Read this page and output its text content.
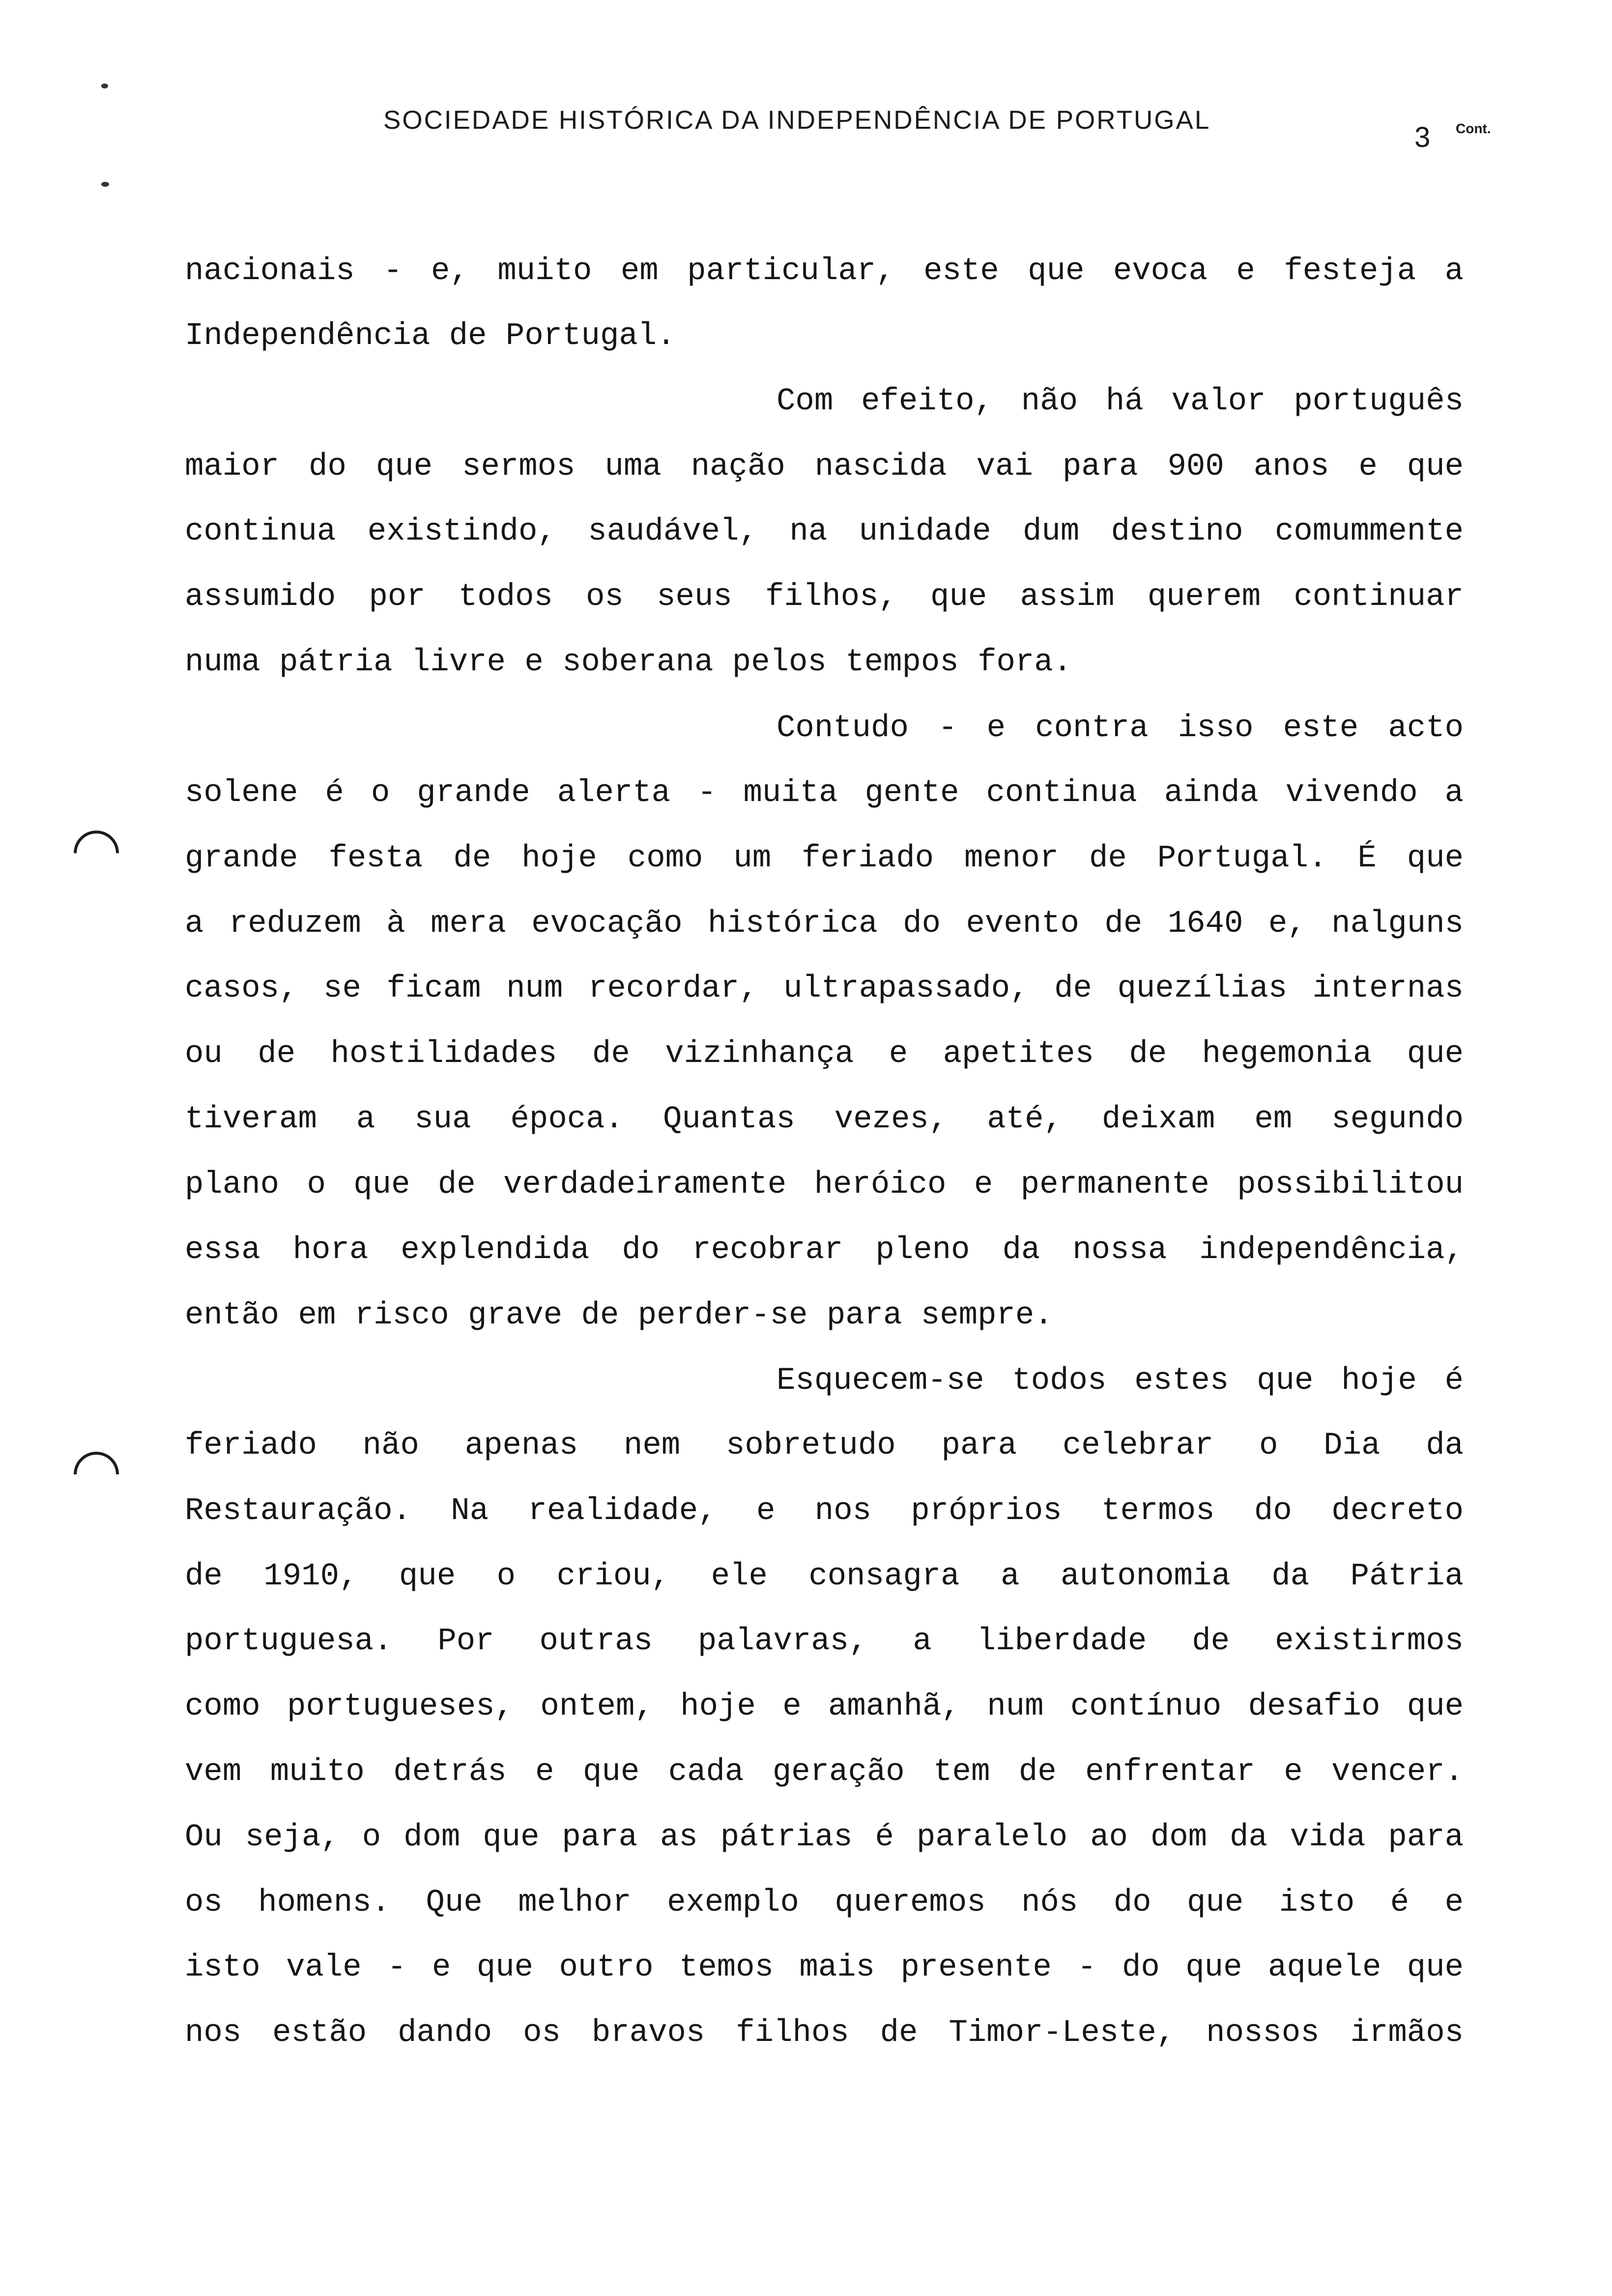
SOCIEDADE HISTÓRICA DA INDEPENDÊNCIA DE PORTUGAL
3 Cont.
nacionais - e, muito em particular, este que evoca e festeja a
Independência de Portugal.
Com efeito, não há valor português
maior do que sermos uma nação nascida vai para 900 anos e que
continua existindo, saudável, na unidade dum destino comummente
assumido por todos os seus filhos, que assim querem continuar
numa pátria livre e soberana pelos tempos fora.
Contudo - e contra isso este acto
solene é o grande alerta - muita gente continua ainda vivendo a
grande festa de hoje como um feriado menor de Portugal. É que
a reduzem à mera evocação histórica do evento de 1640 e, nalguns
casos, se ficam num recordar, ultrapassado, de quezílias internas
ou de hostilidades de vizinhança e apetites de hegemonia que
tiveram a sua época. Quantas vezes, até, deixam em segundo
plano o que de verdadeiramente heróico e permanente possibilitou
essa hora explendida do recobrar pleno da nossa independência,
então em risco grave de perder-se para sempre.
Esquecem-se todos estes que hoje é
feriado não apenas nem sobretudo para celebrar o Dia da
Restauração. Na realidade, e nos próprios termos do decreto
de 1910, que o criou, ele consagra a autonomia da Pátria
portuguesa. Por outras palavras, a liberdade de existirmos
como portugueses, ontem, hoje e amanhã, num contínuo desafio que
vem muito detrás e que cada geração tem de enfrentar e vencer.
Ou seja, o dom que para as pátrias é paralelo ao dom da vida para
os homens. Que melhor exemplo queremos nós do que isto é e
isto vale - e que outro temos mais presente - do que aquele que
nos estão dando os bravos filhos de Timor-Leste, nossos irmãos
